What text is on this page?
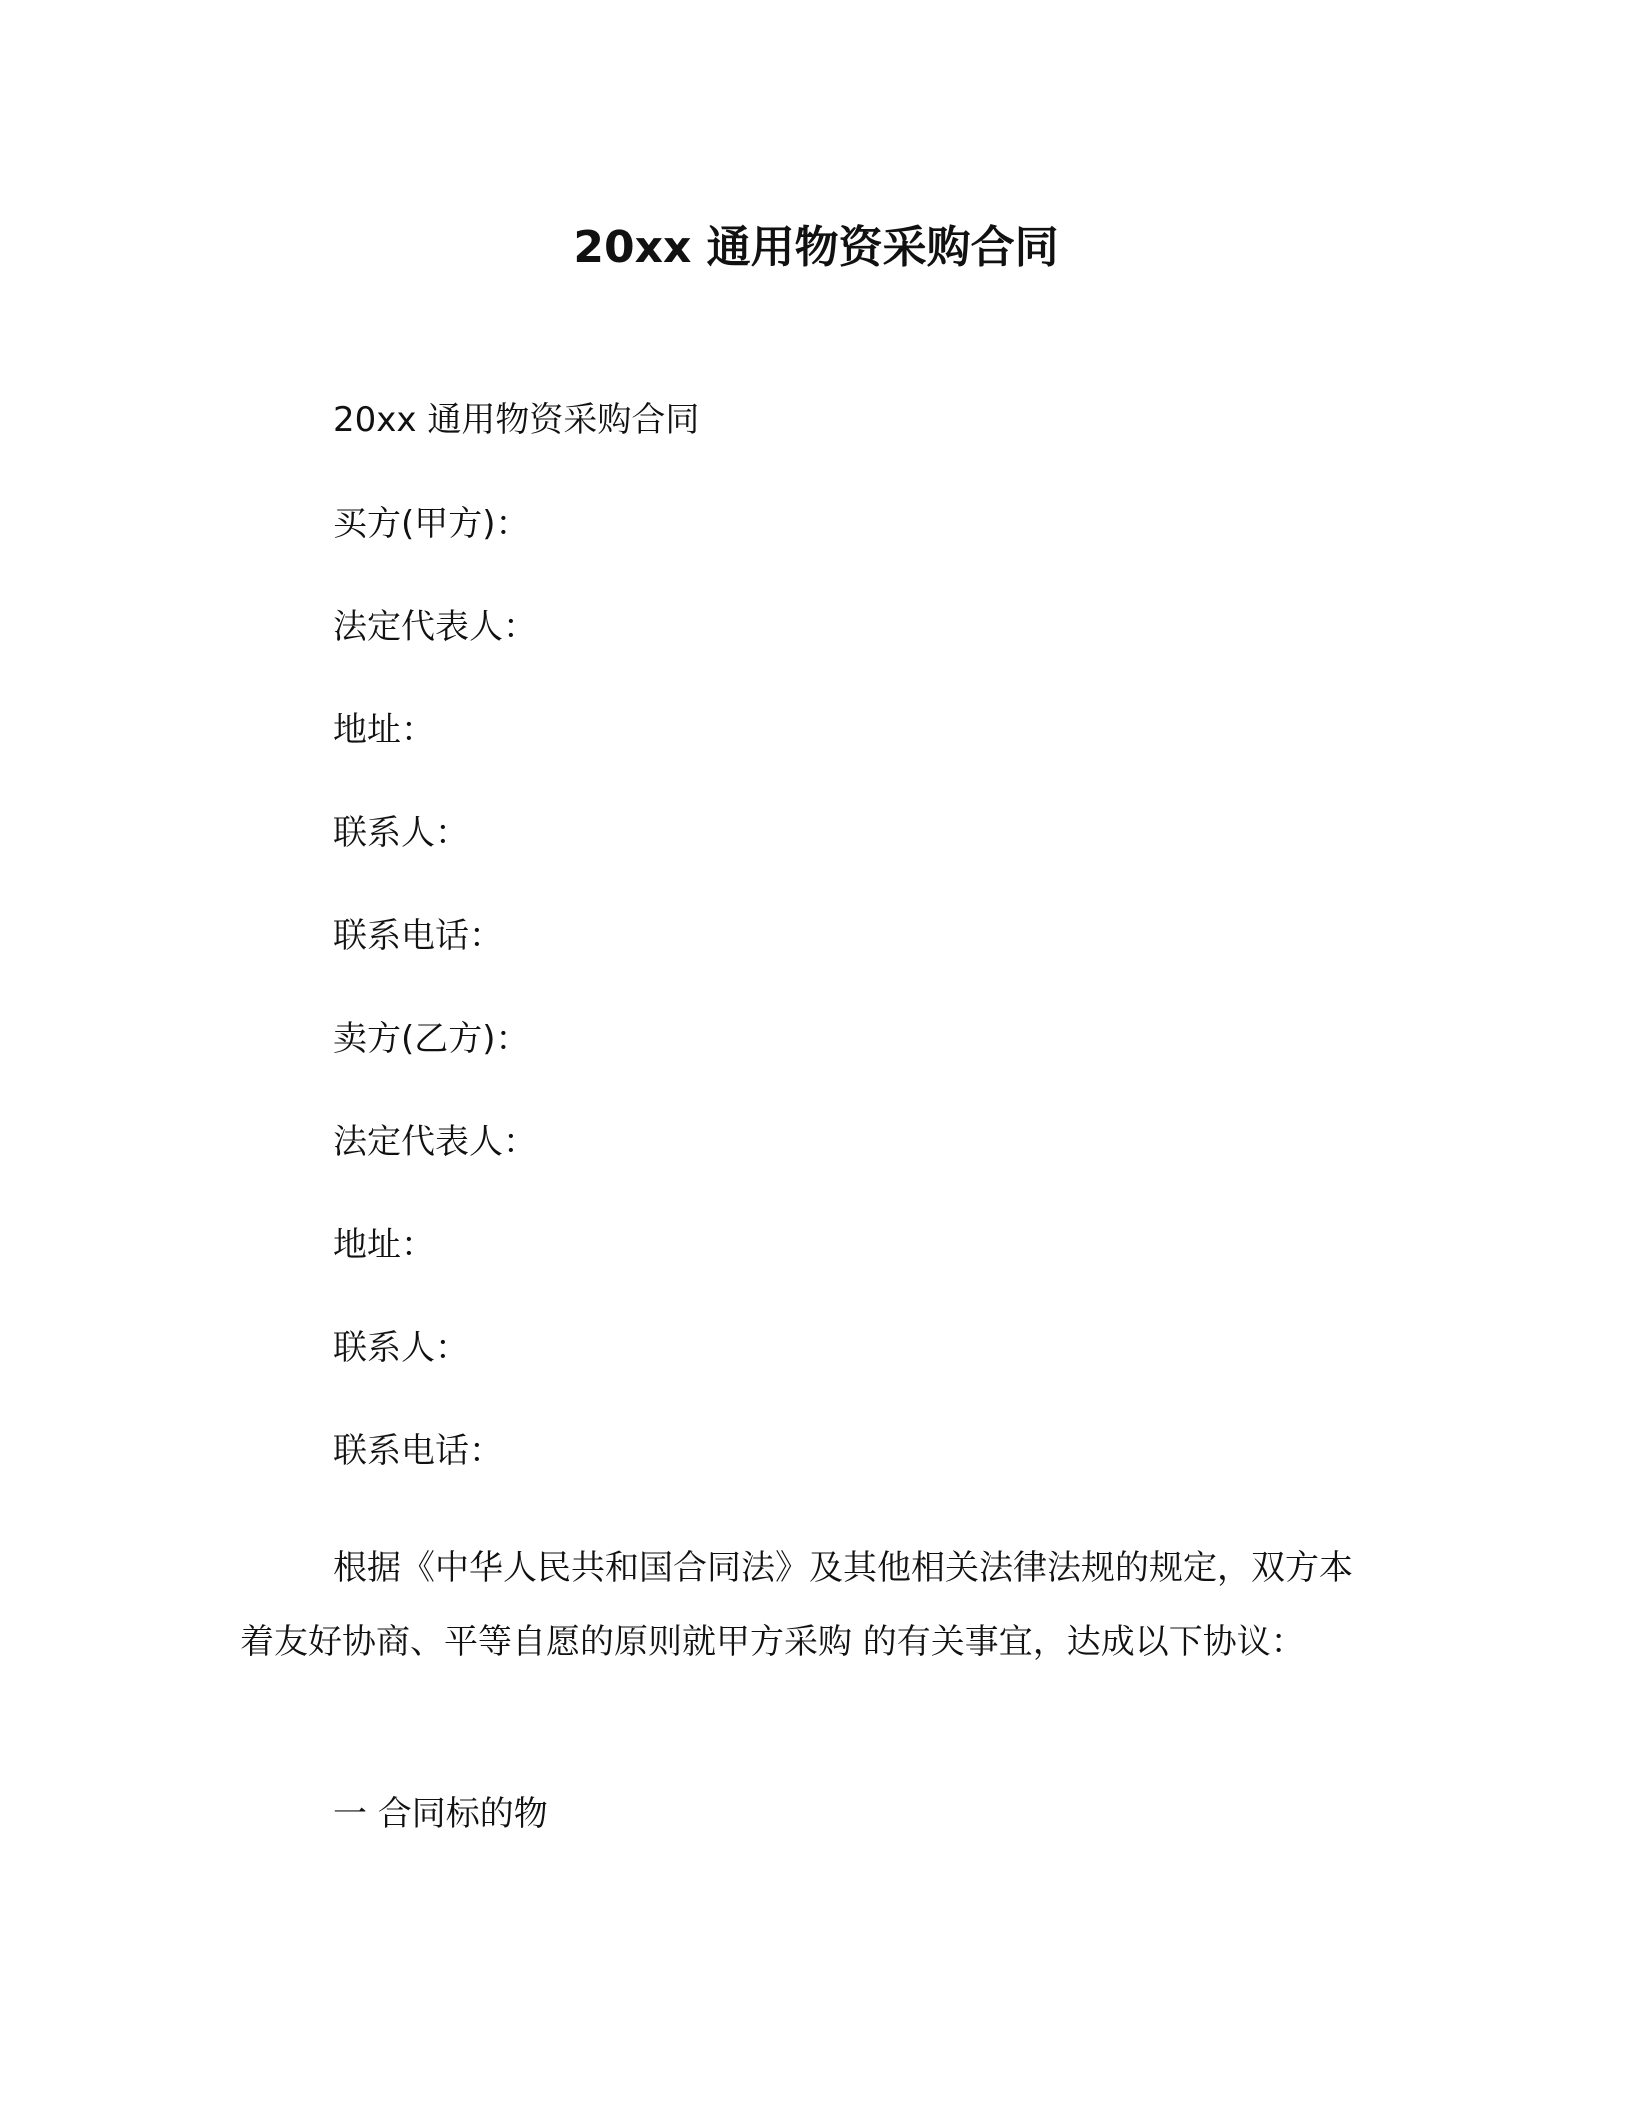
20xx 通用物资采购合同
20xx 通用物资采购合同
买方(甲方)：
法定代表人：
地址：
联系人：
联系电话：
卖方(乙方)：
法定代表人：
地址：
联系人：
联系电话：
根据《中华人民共和国合同法》及其他相关法律法规的规定，双方本着友好协商、平等自愿的原则就甲方采购 的有关事宜，达成以下协议：
一 合同标的物
